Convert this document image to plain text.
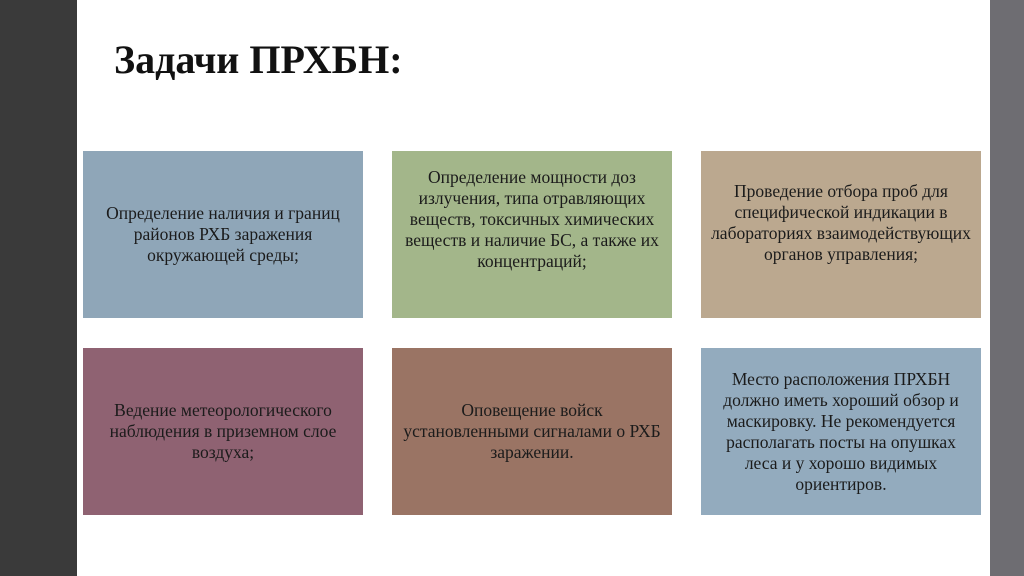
Задачи ПРХБН:
Определение наличия и границ районов РХБ заражения окружающей среды;
Определение мощности доз излучения, типа отравляющих веществ, токсичных химических веществ и наличие БС, а также их концентраций;
Проведение отбора проб для специфической индикации в лабораториях взаимодействующих органов управления;
Ведение метеорологического наблюдения в приземном слое воздуха;
Оповещение войск установленными сигналами о РХБ заражении.
Место расположения ПРХБН должно иметь хороший обзор и маскировку. Не рекомендуется располагать посты на опушках леса и у хорошо видимых ориентиров.
